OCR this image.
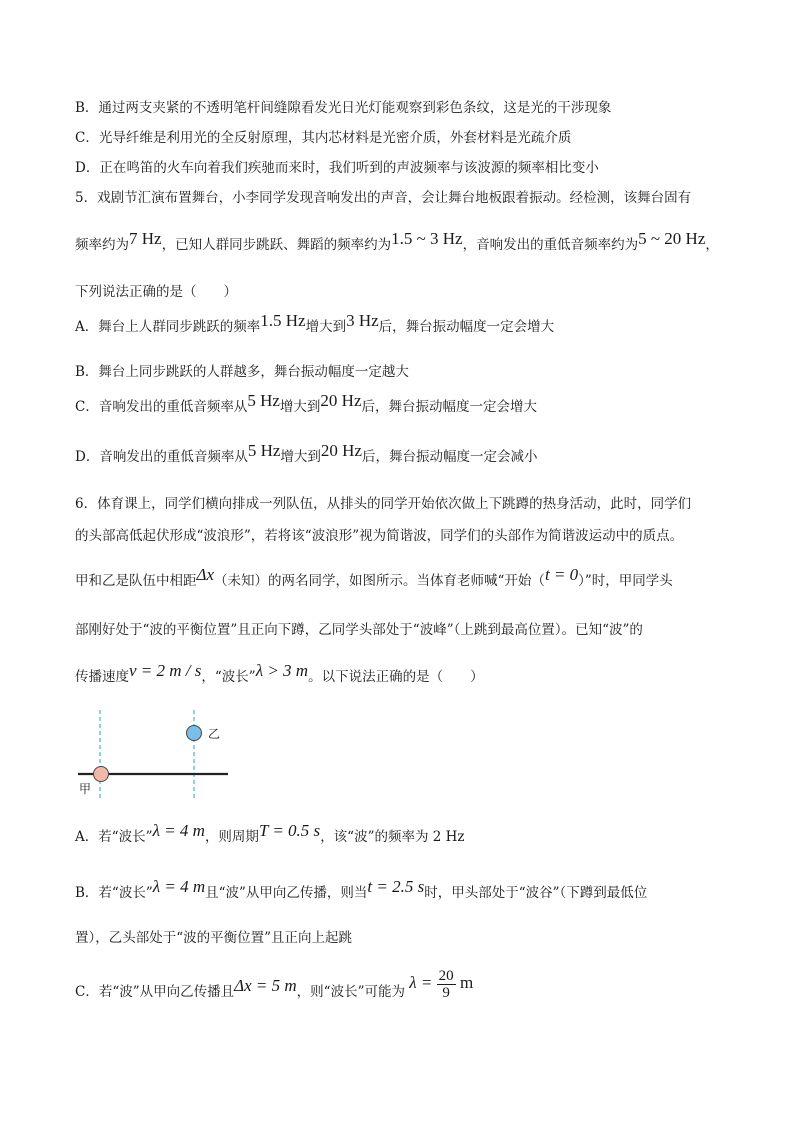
B．通过两支夹紧的不透明笔杆间缝隙看发光日光灯能观察到彩色条纹，这是光的干涉现象
C．光导纤维是利用光的全反射原理，其内芯材料是光密介质，外套材料是光疏介质
D．正在鸣笛的火车向着我们疾驰而来时，我们听到的声波频率与该波源的频率相比变小
5．戏剧节汇演布置舞台，小李同学发现音响发出的声音，会让舞台地板跟着振动。经检测，该舞台固有
频率约为7 Hz，已知人群同步跳跃、舞蹈的频率约为1.5 ~ 3 Hz，音响发出的重低音频率约为5 ~ 20 Hz，
下列说法正确的是（　　）
A．舞台上人群同步跳跃的频率1.5 Hz增大到3 Hz后，舞台振动幅度一定会增大
B．舞台上同步跳跃的人群越多，舞台振动幅度一定越大
C．音响发出的重低音频率从5 Hz增大到20 Hz后，舞台振动幅度一定会增大
D．音响发出的重低音频率从5 Hz增大到20 Hz后，舞台振动幅度一定会减小
6．体育课上，同学们横向排成一列队伍，从排头的同学开始依次做上下跳蹲的热身活动，此时，同学们
的头部高低起伏形成“波浪形”，若将该“波浪形”视为简谐波，同学们的头部作为简谐波运动中的质点。
甲和乙是队伍中相距Δx（未知）的两名同学，如图所示。当体育老师喊“开始（t = 0）”时，甲同学头
部刚好处于“波的平衡位置”且正向下蹲，乙同学头部处于“波峰”（上跳到最高位置）。已知“波”的
传播速度v = 2 m / s，“波长”λ > 3 m。以下说法正确的是（　　）
甲
乙
A．若“波长”λ = 4 m，则周期T = 0.5 s，该“波”的频率为 2 Hz
B．若“波长”λ = 4 m且“波”从甲向乙传播，则当t = 2.5 s时，甲头部处于“波谷”（下蹲到最低位
置），乙头部处于“波的平衡位置”且正向上起跳
C．若“波”从甲向乙传播且Δx = 5 m，则“波长”可能为 $\lambda = \frac{20}{9}$ m
